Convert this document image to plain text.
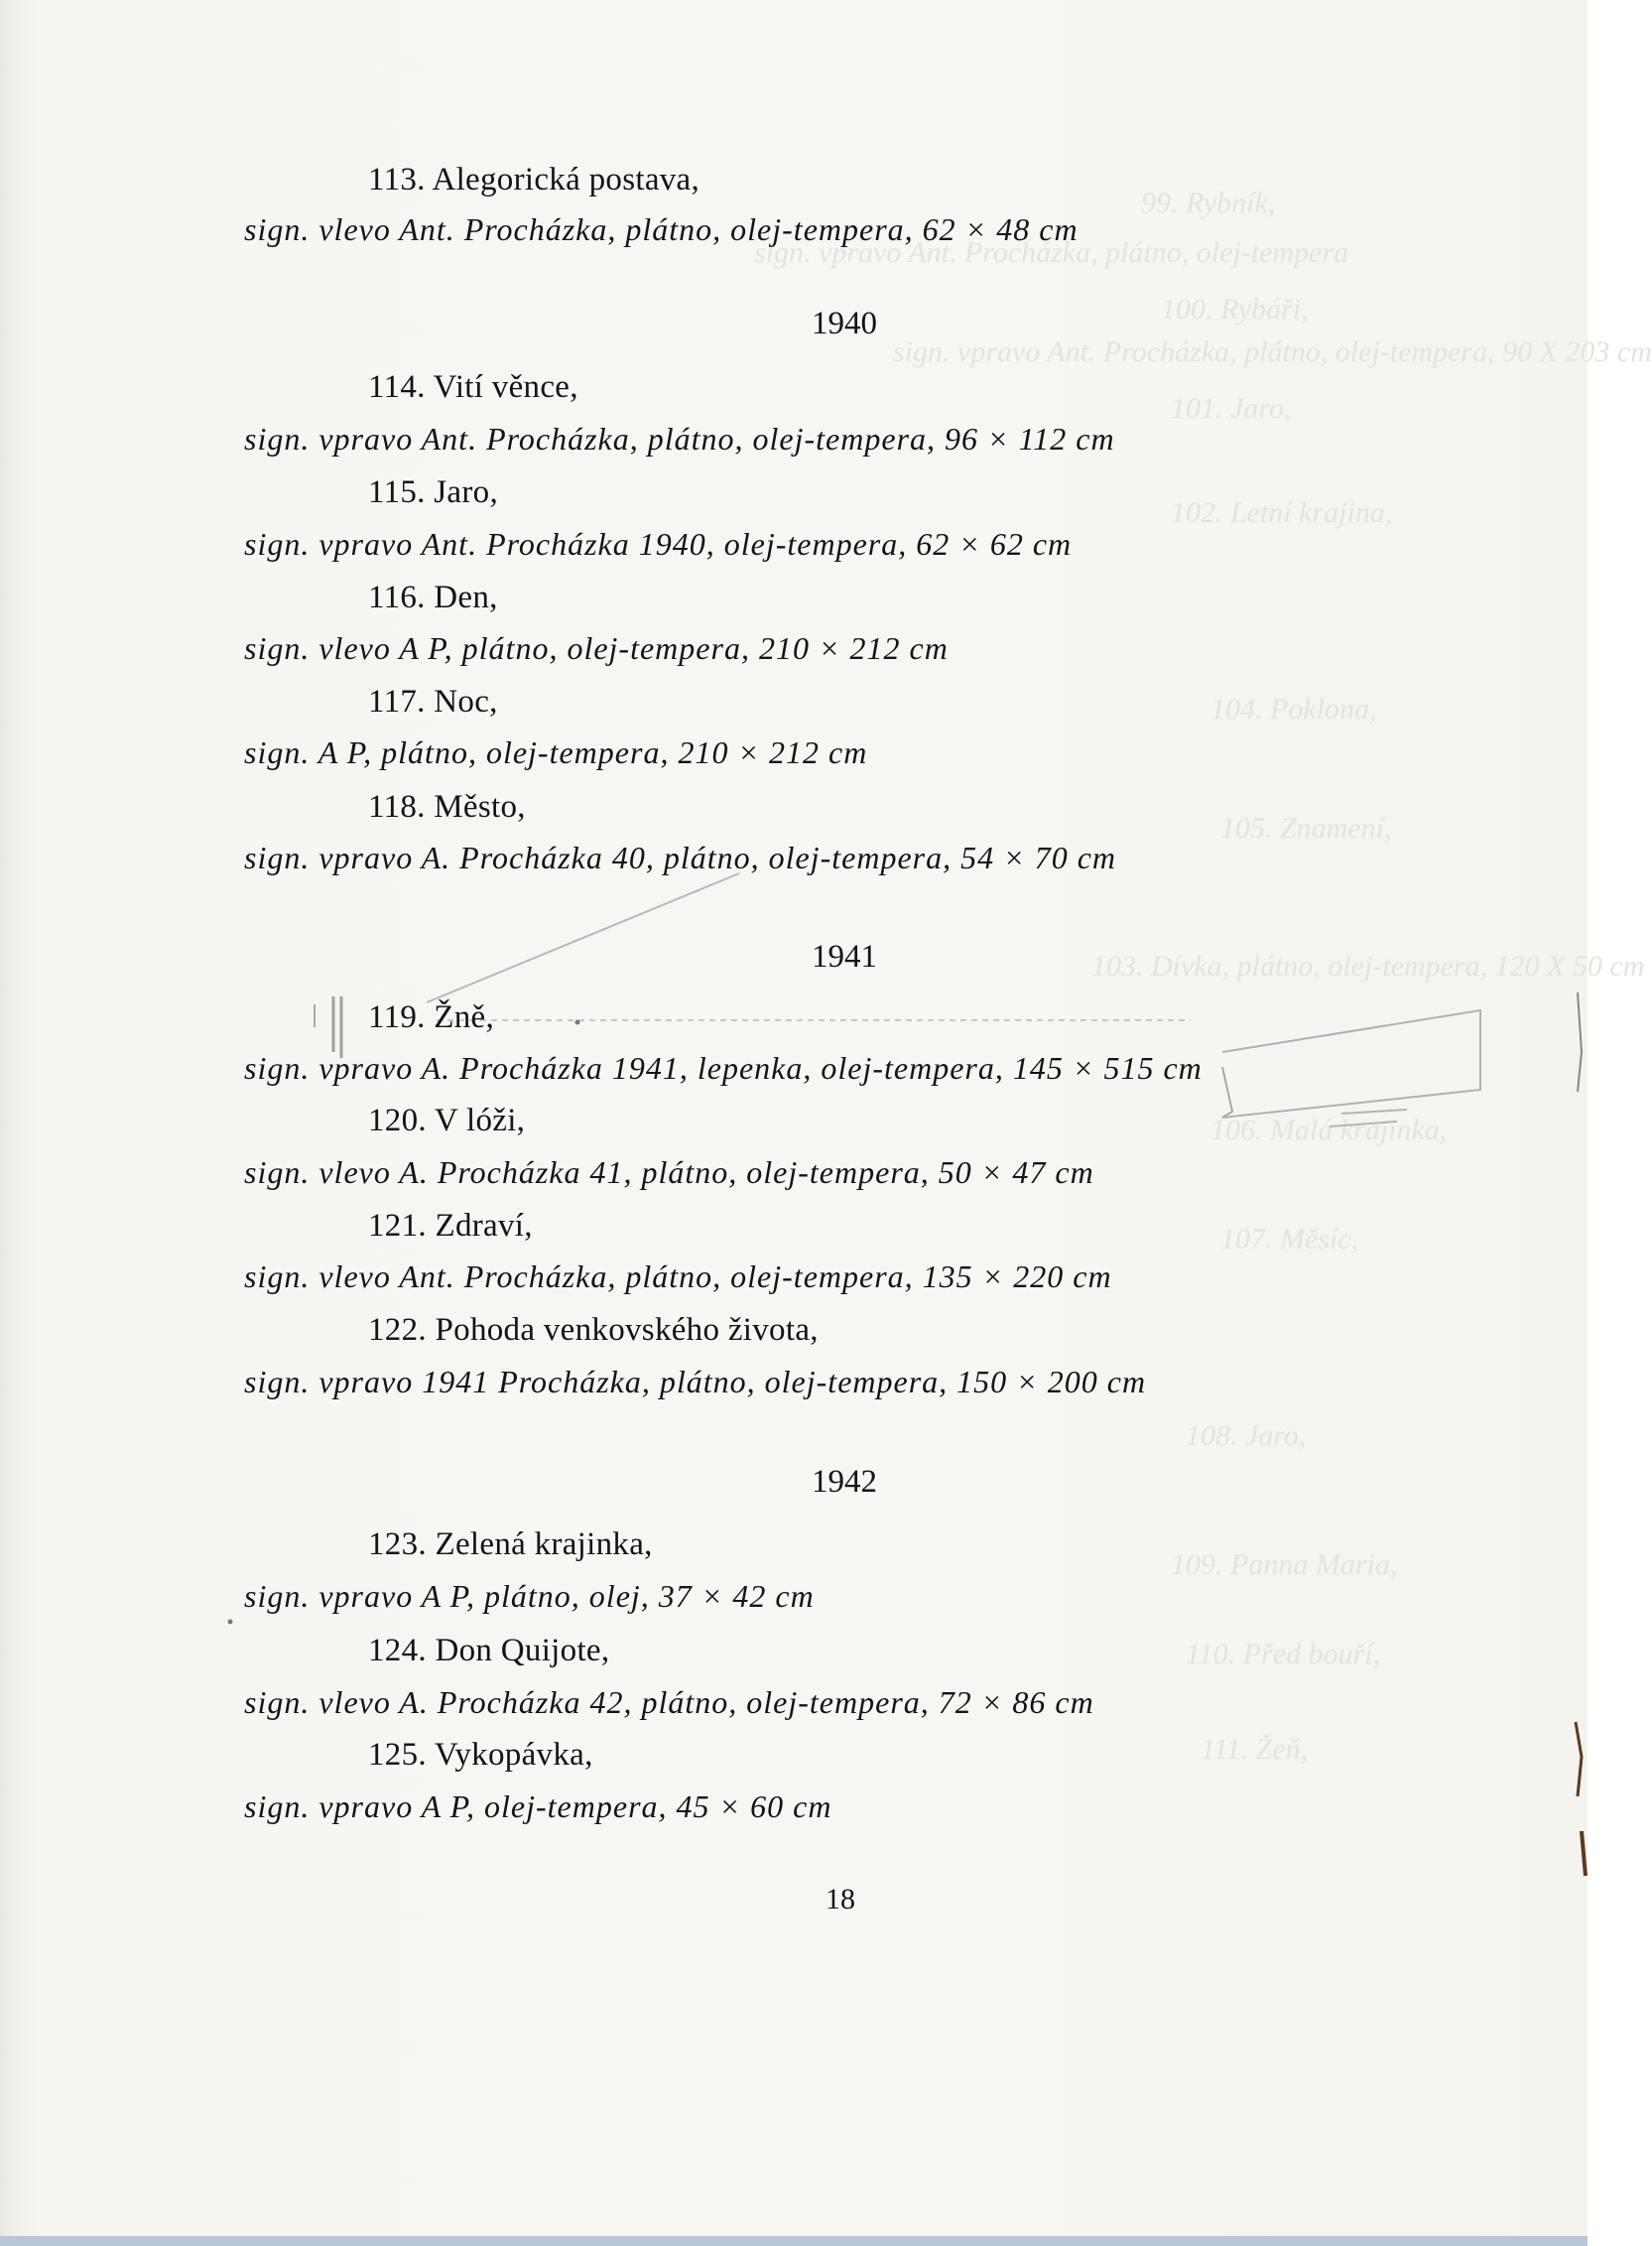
99. Rybník,
sign. vpravo Ant. Procházka, plátno, olej-tempera
100. Rybáři,
sign. vpravo Ant. Procházka, plátno, olej-tempera, 90 X 203 cm
101. Jaro,
102. Letní krajina,
103. Dívka, plátno, olej-tempera, 120 X 50 cm
104. Poklona,
105. Znamení,
106. Malá krajinka,
107. Měsíc,
108. Jaro,
109. Panna Maria,
110. Před bouří,
111. Žeň,
113. Alegorická postava,
sign. vlevo Ant. Procházka, plátno, olej-tempera, 62 × 48 cm
1940
114. Vití věnce,
sign. vpravo Ant. Procházka, plátno, olej-tempera, 96 × 112 cm
115. Jaro,
sign. vpravo Ant. Procházka 1940, olej-tempera, 62 × 62 cm
116. Den,
sign. vlevo A P, plátno, olej-tempera, 210 × 212 cm
117. Noc,
sign. A P, plátno, olej-tempera, 210 × 212 cm
118. Město,
sign. vpravo A. Procházka 40, plátno, olej-tempera, 54 × 70 cm
1941
119. Žně,
sign. vpravo A. Procházka 1941, lepenka, olej-tempera, 145 × 515 cm
120. V lóži,
sign. vlevo A. Procházka 41, plátno, olej-tempera, 50 × 47 cm
121. Zdraví,
sign. vlevo Ant. Procházka, plátno, olej-tempera, 135 × 220 cm
122. Pohoda venkovského života,
sign. vpravo 1941 Procházka, plátno, olej-tempera, 150 × 200 cm
1942
123. Zelená krajinka,
sign. vpravo A P, plátno, olej, 37 × 42 cm
124. Don Quijote,
sign. vlevo A. Procházka 42, plátno, olej-tempera, 72 × 86 cm
125. Vykopávka,
sign. vpravo A P, olej-tempera, 45 × 60 cm
18
